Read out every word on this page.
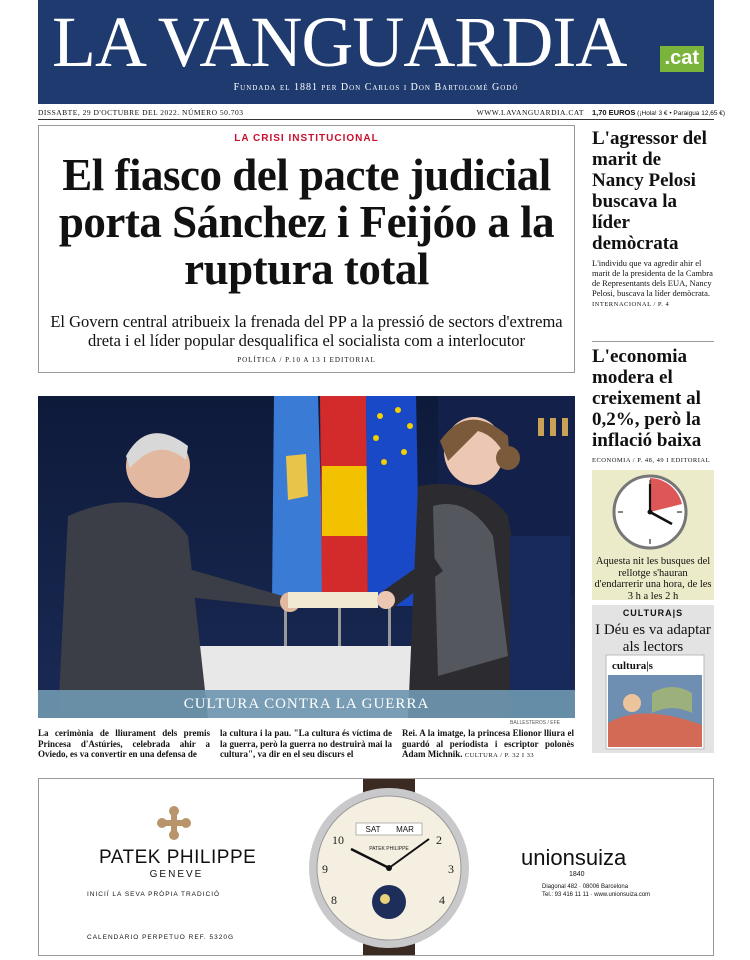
LA VANGUARDIA .cat
Fundada el 1881 per Don Carlos i Don Bartolomé Godó
DISSABTE, 29 D'OCTUBRE DEL 2022. NÚMERO 50.703	WWW.LAVANGUARDIA.CAT 1,70 EUROS (¡Hola! 3 € • Paraigua 12,65 €)
LA CRISI INSTITUCIONAL
El fiasco del pacte judicial porta Sánchez i Feijóo a la ruptura total
El Govern central atribueix la frenada del PP a la pressió de sectors d'extrema dreta i el líder popular desqualifica el socialista com a interlocutor
POLÍTICA / P.10 A 13 I EDITORIAL
CULTURA CONTRA LA GUERRA
BALLESTEROS / EFE
La cerimònia de lliurament dels premis Princesa d'Astúries, celebrada ahir a Oviedo, es va convertir en una defensa de
la cultura i la pau. "La cultura és víctima de la guerra, però la guerra no destruirà mai la cultura", va dir en el seu discurs el
Rei. A la imatge, la princesa Elionor lliura el guardó al periodista i escriptor polonès Adam Michnik. CULTURA / P. 32 I 33
L'agressor del marit de Nancy Pelosi buscava la líder demòcrata
L'individu que va agredir ahir el marit de la presidenta de la Cambra de Representants dels EUA, Nancy Pelosi, buscava la líder demòcrata. INTERNACIONAL / P. 4
L'economia modera el creixement al 0,2%, però la inflació baixa
ECONOMIA / P. 48, 49 I EDITORIAL
Aquesta nit les busques del rellotge s'hauran d'endarrerir una hora, de les 3 h a les 2 h
CULTURA|S
I Déu es va adaptar als lectors
cultura|s
PATEK PHILIPPE
GENEVE
INICIÏ LA SEVA PRÒPIA TRADICIÓ
CALENDARIO PERPETUO REF. 5320G
SAT MAR
PATEK PHILIPPE
10
9	3
2
4
8
unionsuiza
1840
Diagonal 482 · 08006 Barcelona
Tel.: 93 416 11 11 · www.unionsuiza.com
